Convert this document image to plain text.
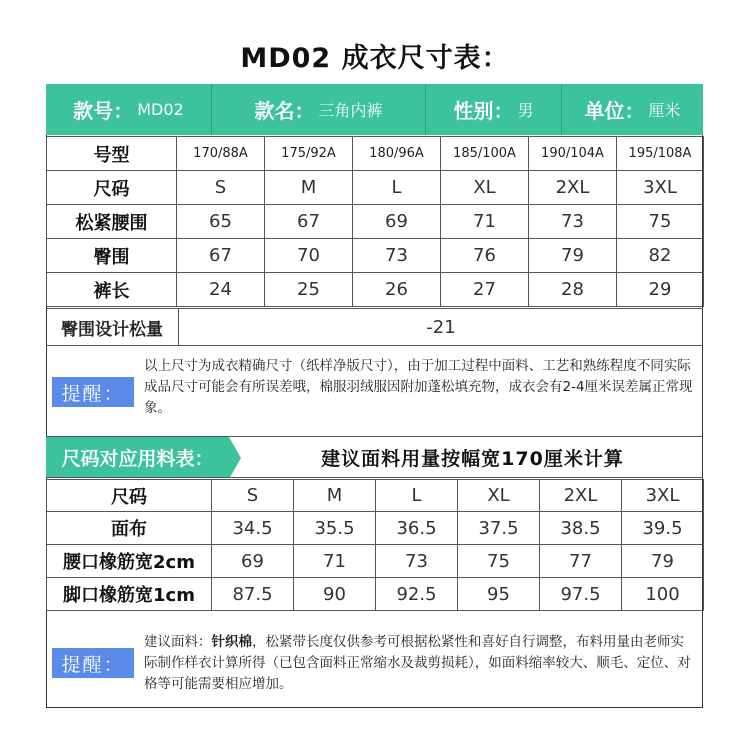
MD02 成衣尺寸表：
款号： MD02	款名： 三角内裤	性别： 男	单位： 厘米
号型	170/88A	175/92A	180/96A	185/100A	190/104A	195/108A
尺码	S	M	L	XL	2XL	3XL
松紧腰围	65	67	69	71	73	75
臀围	67	70	73	76	79	82
裤长	24	25	26	27	28	29
臀围设计松量	-21
提醒：
以上尺寸为成衣精确尺寸（纸样净版尺寸），由于加工过程中面料、工艺和熟练程度不同实际成品尺寸可能会有所误差哦，棉服羽绒服因附加蓬松填充物，成衣会有2-4厘米误差属正常现象。
尺码对应用料表：	建议面料用量按幅宽170厘米计算
尺码	S	M	L	XL	2XL	3XL
面布	34.5	35.5	36.5	37.5	38.5	39.5
腰口橡筋宽2cm	69	71	73	75	77	79
脚口橡筋宽1cm	87.5	90	92.5	95	97.5	100
提醒：
建议面料：针织棉，松紧带长度仅供参考可根据松紧性和喜好自行调整，布料用量由老师实际制作样衣计算所得（已包含面料正常缩水及裁剪损耗），如面料缩率较大、顺毛、定位、对格等可能需要相应增加。
